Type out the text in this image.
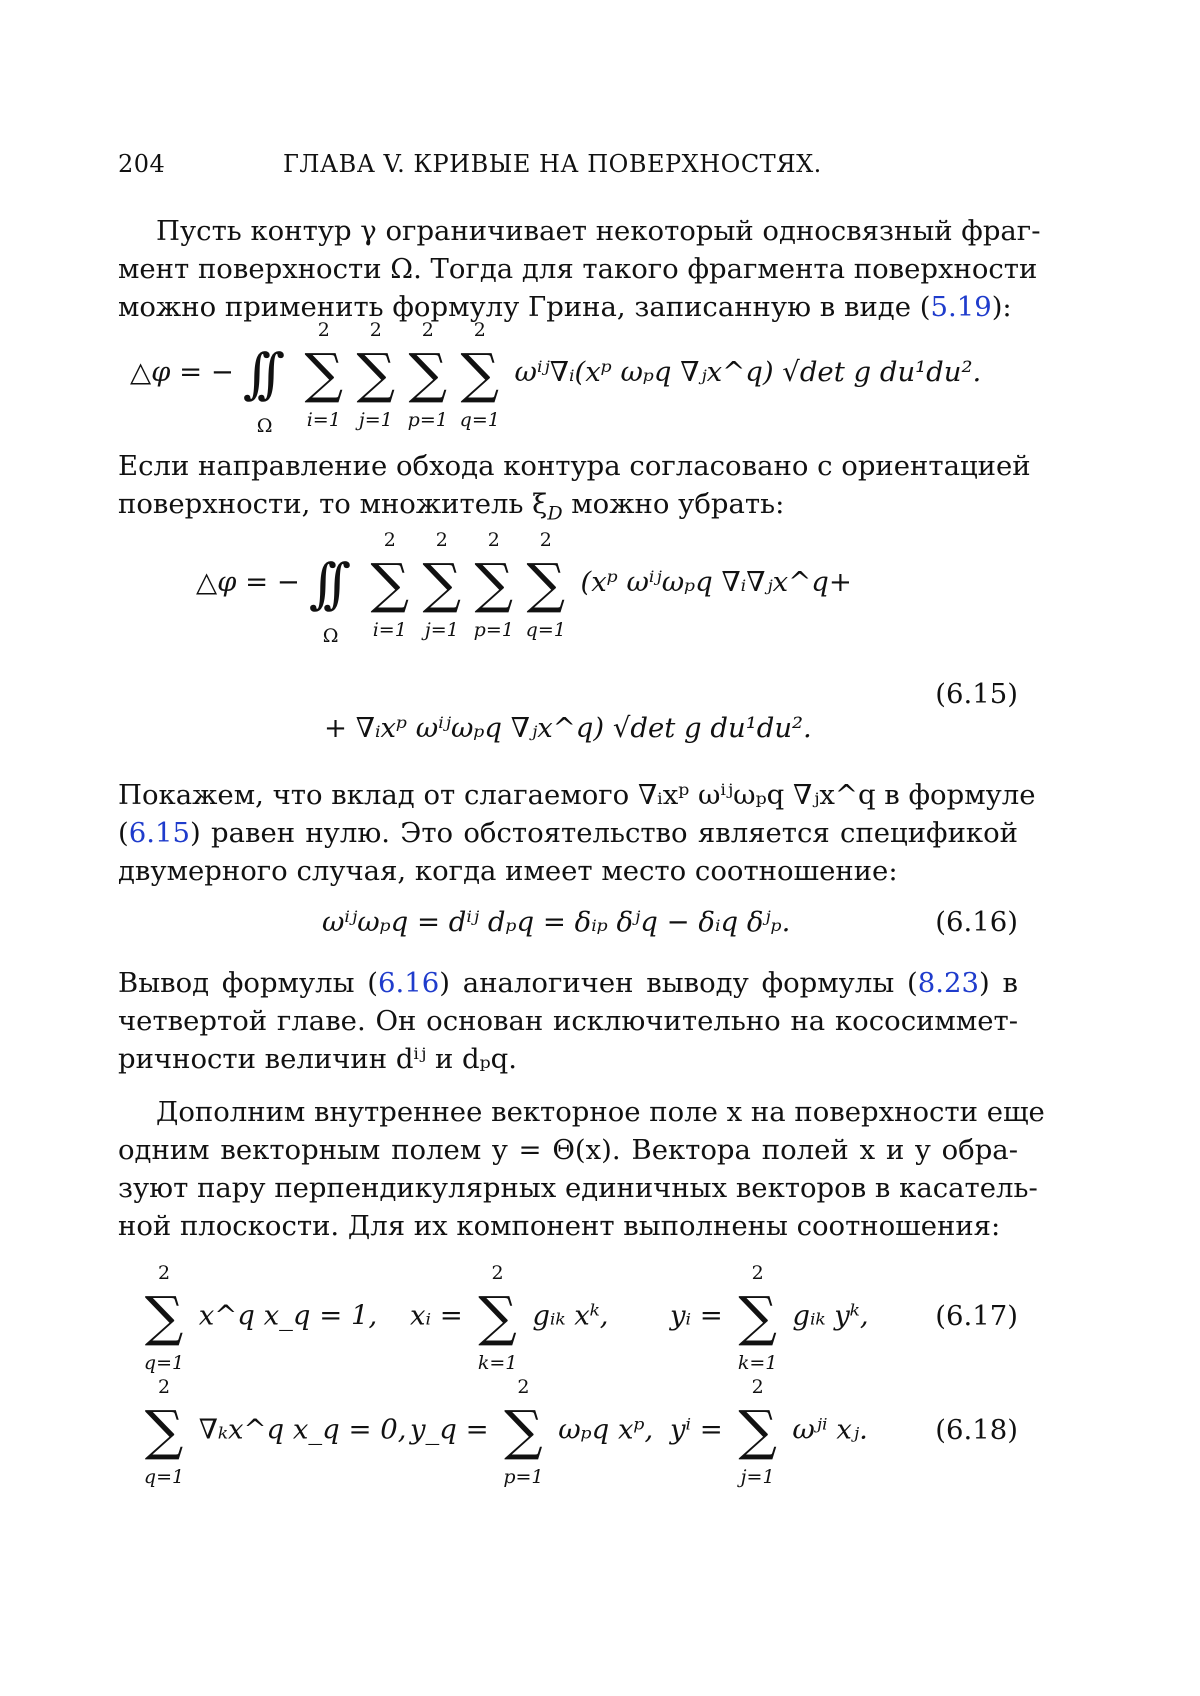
204	ГЛАВА V. КРИВЫЕ НА ПОВЕРХНОСТЯХ.
Пусть контур γ ограничивает некоторый односвязный фраг-
мент поверхности Ω. Тогда для такого фрагмента поверхности
можно применить формулу Грина, записанную в виде (5.19):
△φ = − ∫∫
Ω

2
∑
i=1
2
∑
j=1
2
∑
p=1
2
∑
q=1
ωⁱʲ∇ᵢ(xᵖ ωₚq ∇ⱼx^q) √det g du¹du².
Если направление обхода контура согласовано с ориентацией
поверхности, то множитель ξD можно убрать:
△φ = − ∫∫
Ω

2
∑
i=1
2
∑
j=1
2
∑
p=1
2
∑
q=1
(xᵖ ωⁱʲωₚq ∇ᵢ∇ⱼx^q+
+ ∇ᵢxᵖ ωⁱʲωₚq ∇ⱼx^q) √det g du¹du².
(6.15)
Покажем, что вклад от слагаемого ∇ᵢxᵖ ωⁱʲωₚq ∇ⱼx^q в формуле
(6.15) равен нулю. Это обстоятельство является спецификой
двумерного случая, когда имеет место соотношение:
ωⁱʲωₚq = dⁱʲ dₚq = δᵢₚ δʲq − δᵢq δʲₚ.	(6.16)
Вывод формулы (6.16) аналогичен выводу формулы (8.23) в
четвертой главе. Он основан исключительно на кососиммет-
ричности величин dⁱʲ и dₚq.
Дополним внутреннее векторное поле x на поверхности еще
одним векторным полем y = Θ(x). Вектора полей x и y обра-
зуют пару перпендикулярных единичных векторов в касатель-
ной плоскости. Для их компонент выполнены соотношения:
2
∑
q=1
x^q x_q = 1, xᵢ =
2
∑
k=1
gᵢₖ xᵏ, yᵢ =
2
∑
k=1
gᵢₖ yᵏ, (6.17)
2
∑
q=1
∇ₖx^q x_q = 0, y_q =
2
∑
p=1
ωₚq xᵖ, yⁱ =
2
∑
j=1
ωʲⁱ xⱼ. (6.18)
